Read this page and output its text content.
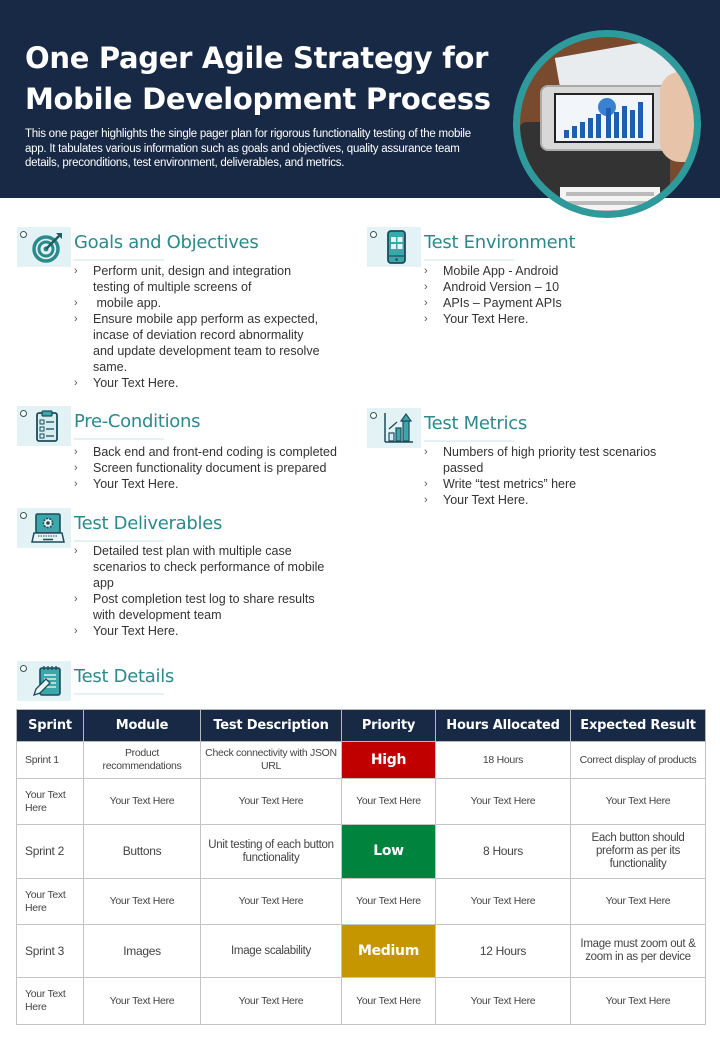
One Pager Agile Strategy for Mobile Development Process
This one pager highlights the single pager plan for rigorous functionality testing of the mobile app. It tabulates various information such as goals and objectives, quality assurance team details, preconditions, test environment, deliverables, and metrics.
Goals and Objectives
› Perform unit, design and integration testing of multiple screens of
›  mobile app.
› Ensure mobile app perform as expected, incase of deviation record abnormality and update development team to resolve same.
› Your Text Here.
Test Environment
› Mobile App - Android
› Android Version – 10
› APIs – Payment APIs
› Your Text Here.
Pre-Conditions
› Back end and front-end coding is completed
› Screen functionality document is prepared
› Your Text Here.
Test Metrics
› Numbers of high priority test scenarios passed
› Write “test metrics” here
› Your Text Here.
Test Deliverables
› Detailed test plan with multiple case scenarios to check performance of mobile app
› Post completion test log to share results with development team
› Your Text Here.
Test Details
Sprint	Module	Test Description	Priority	Hours Allocated	Expected Result
Sprint 1	Product recommendations	Check connectivity with JSON URL	High	18 Hours	Correct display of products
Your Text Here	Your Text Here	Your Text Here	Your Text Here	Your Text Here	Your Text Here
Sprint 2	Buttons	Unit testing of each button functionality	Low	8 Hours	Each button should preform as per its functionality
Your Text Here	Your Text Here	Your Text Here	Your Text Here	Your Text Here	Your Text Here
Sprint 3	Images	Image scalability	Medium	12 Hours	Image must zoom out & zoom in as per device
Your Text Here	Your Text Here	Your Text Here	Your Text Here	Your Text Here	Your Text Here
